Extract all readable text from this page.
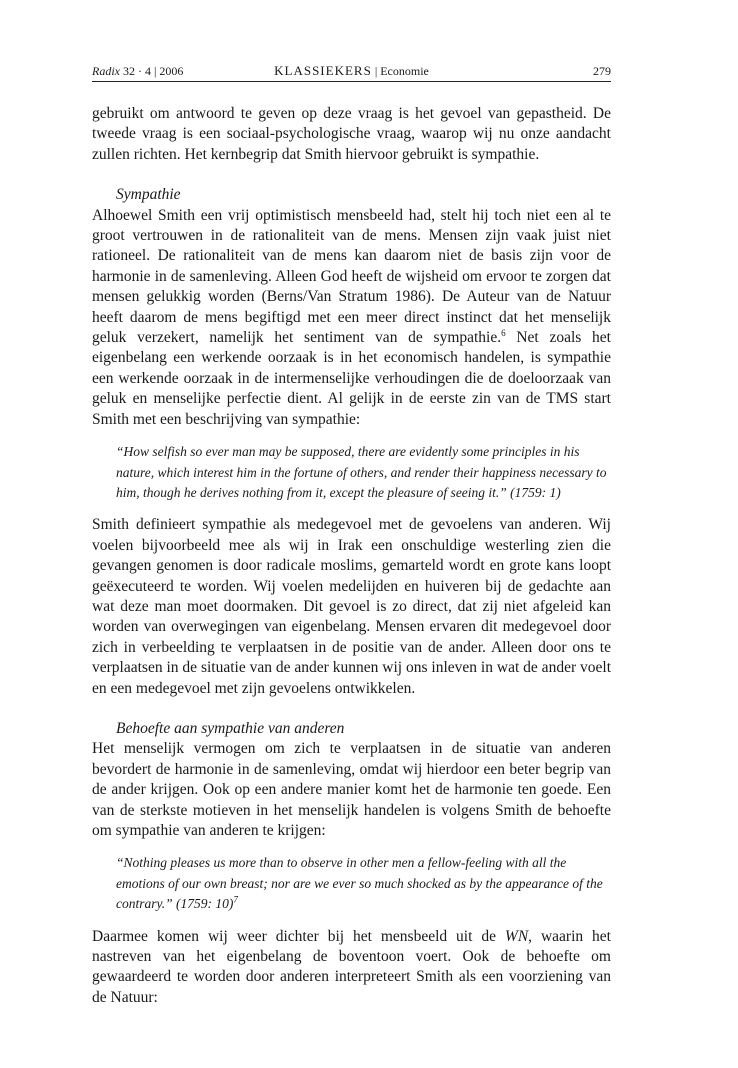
Radix 32 · 4 | 2006	KLASSIEKERS | Economie	279

gebruikt om antwoord te geven op deze vraag is het gevoel van gepastheid. De tweede vraag is een sociaal-psychologische vraag, waarop wij nu onze aandacht zullen richten. Het kernbegrip dat Smith hiervoor gebruikt is sympathie.

Sympathie

Alhoewel Smith een vrij optimistisch mensbeeld had, stelt hij toch niet een al te groot vertrouwen in de rationaliteit van de mens. Mensen zijn vaak juist niet rationeel. De rationaliteit van de mens kan daarom niet de basis zijn voor de harmonie in de samenleving. Alleen God heeft de wijsheid om ervoor te zorgen dat mensen gelukkig worden (Berns/Van Stratum 1986). De Auteur van de Natuur heeft daarom de mens begiftigd met een meer direct instinct dat het menselijk geluk verzekert, namelijk het sentiment van de sympathie.$^6$ Net zoals het eigenbelang een werkende oorzaak is in het economisch handelen, is sympathie een werkende oorzaak in de intermenselijke verhoudingen die de doeloorzaak van geluk en menselijke perfectie dient. Al gelijk in de eerste zin van de TMS start Smith met een beschrijving van sympathie:

“How selfish so ever man may be supposed, there are evidently some principles in his nature, which interest him in the fortune of others, and render their happiness necessary to him, though he derives nothing from it, except the pleasure of seeing it.” (1759: 1)

Smith definieert sympathie als medegevoel met de gevoelens van anderen. Wij voelen bijvoorbeeld mee als wij in Irak een onschuldige westerling zien die gevangen genomen is door radicale moslims, gemarteld wordt en grote kans loopt geëxecuteerd te worden. Wij voelen medelijden en huiveren bij de gedachte aan wat deze man moet doormaken. Dit gevoel is zo direct, dat zij niet afgeleid kan worden van overwegingen van eigenbelang. Mensen ervaren dit medegevoel door zich in verbeelding te verplaatsen in de positie van de ander. Alleen door ons te verplaatsen in de situatie van de ander kunnen wij ons inleven in wat de ander voelt en een medegevoel met zijn gevoelens ontwikkelen.

Behoefte aan sympathie van anderen

Het menselijk vermogen om zich te verplaatsen in de situatie van anderen bevordert de harmonie in de samenleving, omdat wij hierdoor een beter begrip van de ander krijgen. Ook op een andere manier komt het de harmonie ten goede. Een van de sterkste motieven in het menselijk handelen is volgens Smith de behoefte om sympathie van anderen te krijgen:

“Nothing pleases us more than to observe in other men a fellow-feeling with all the emotions of our own breast; nor are we ever so much shocked as by the appearance of the contrary.” (1759: 10)$^7$

Daarmee komen wij weer dichter bij het mensbeeld uit de WN, waarin het nastreven van het eigenbelang de boventoon voert. Ook de behoefte om gewaardeerd te worden door anderen interpreteert Smith als een voorziening van de Natuur:
